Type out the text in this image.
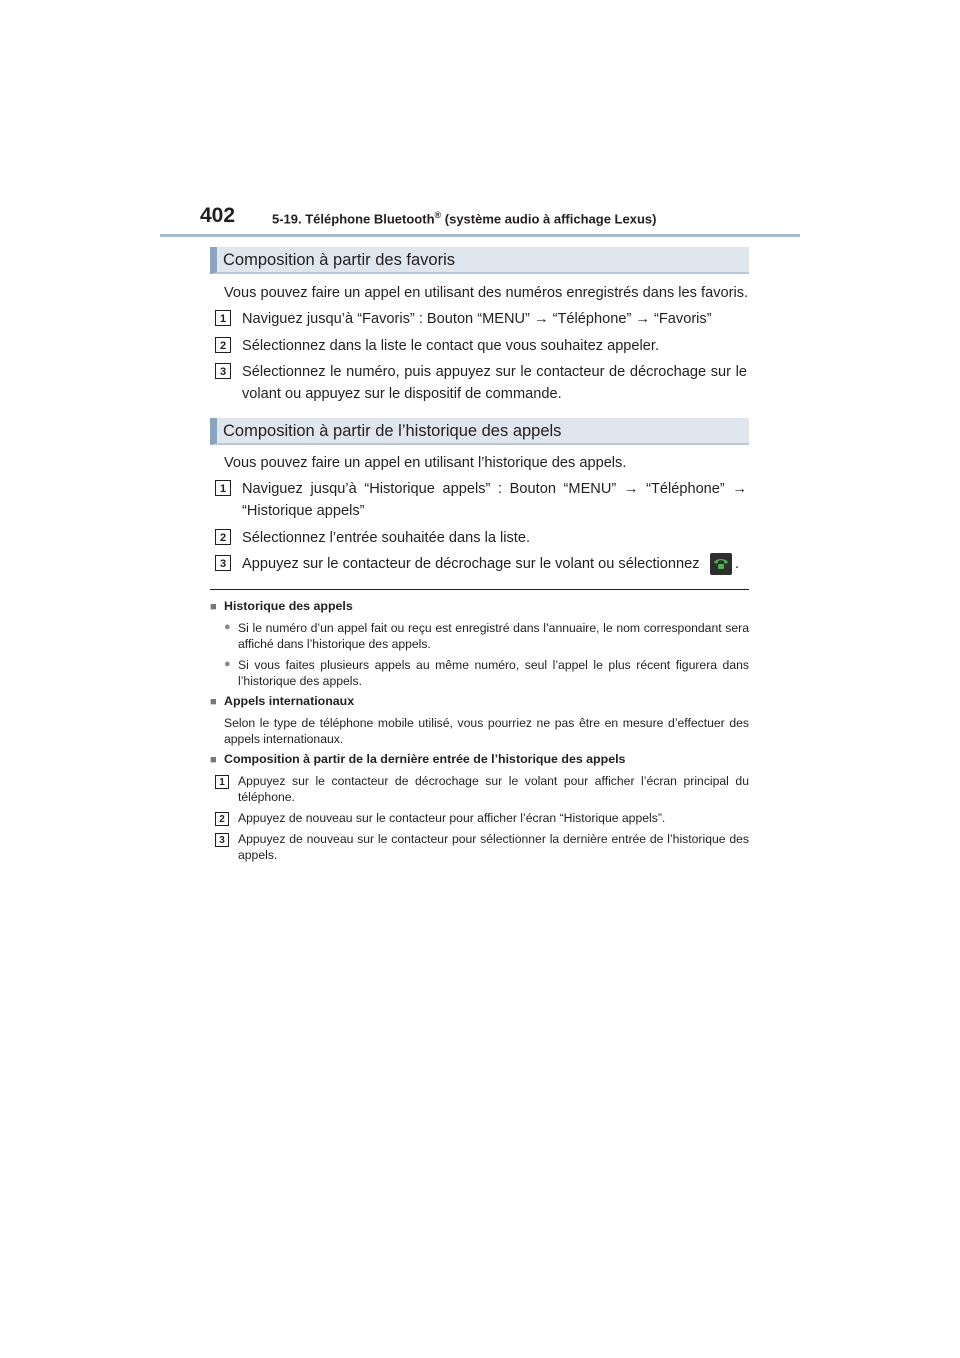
402	5-19. Téléphone Bluetooth® (système audio à affichage Lexus)
Composition à partir des favoris
Vous pouvez faire un appel en utilisant des numéros enregistrés dans les favoris.
1	Naviguez jusqu’à “Favoris” : Bouton “MENU” → “Téléphone” → “Favoris”
2	Sélectionnez dans la liste le contact que vous souhaitez appeler.
3	Sélectionnez le numéro, puis appuyez sur le contacteur de décrochage sur le volant ou appuyez sur le dispositif de commande.
Composition à partir de l’historique des appels
Vous pouvez faire un appel en utilisant l’historique des appels.
1	Naviguez jusqu’à “Historique appels” : Bouton “MENU” → “Téléphone” → “Historique appels”
2	Sélectionnez l’entrée souhaitée dans la liste.
3	Appuyez sur le contacteur de décrochage sur le volant ou sélectionnez	.
■ Historique des appels
● Si le numéro d’un appel fait ou reçu est enregistré dans l’annuaire, le nom correspondant sera affiché dans l’historique des appels.
● Si vous faites plusieurs appels au même numéro, seul l’appel le plus récent figurera dans l’historique des appels.
■ Appels internationaux
Selon le type de téléphone mobile utilisé, vous pourriez ne pas être en mesure d’effectuer des appels internationaux.
■ Composition à partir de la dernière entrée de l’historique des appels
1	Appuyez sur le contacteur de décrochage sur le volant pour afficher l’écran principal du téléphone.
2	Appuyez de nouveau sur le contacteur pour afficher l’écran “Historique appels”.
3	Appuyez de nouveau sur le contacteur pour sélectionner la dernière entrée de l’historique des appels.
